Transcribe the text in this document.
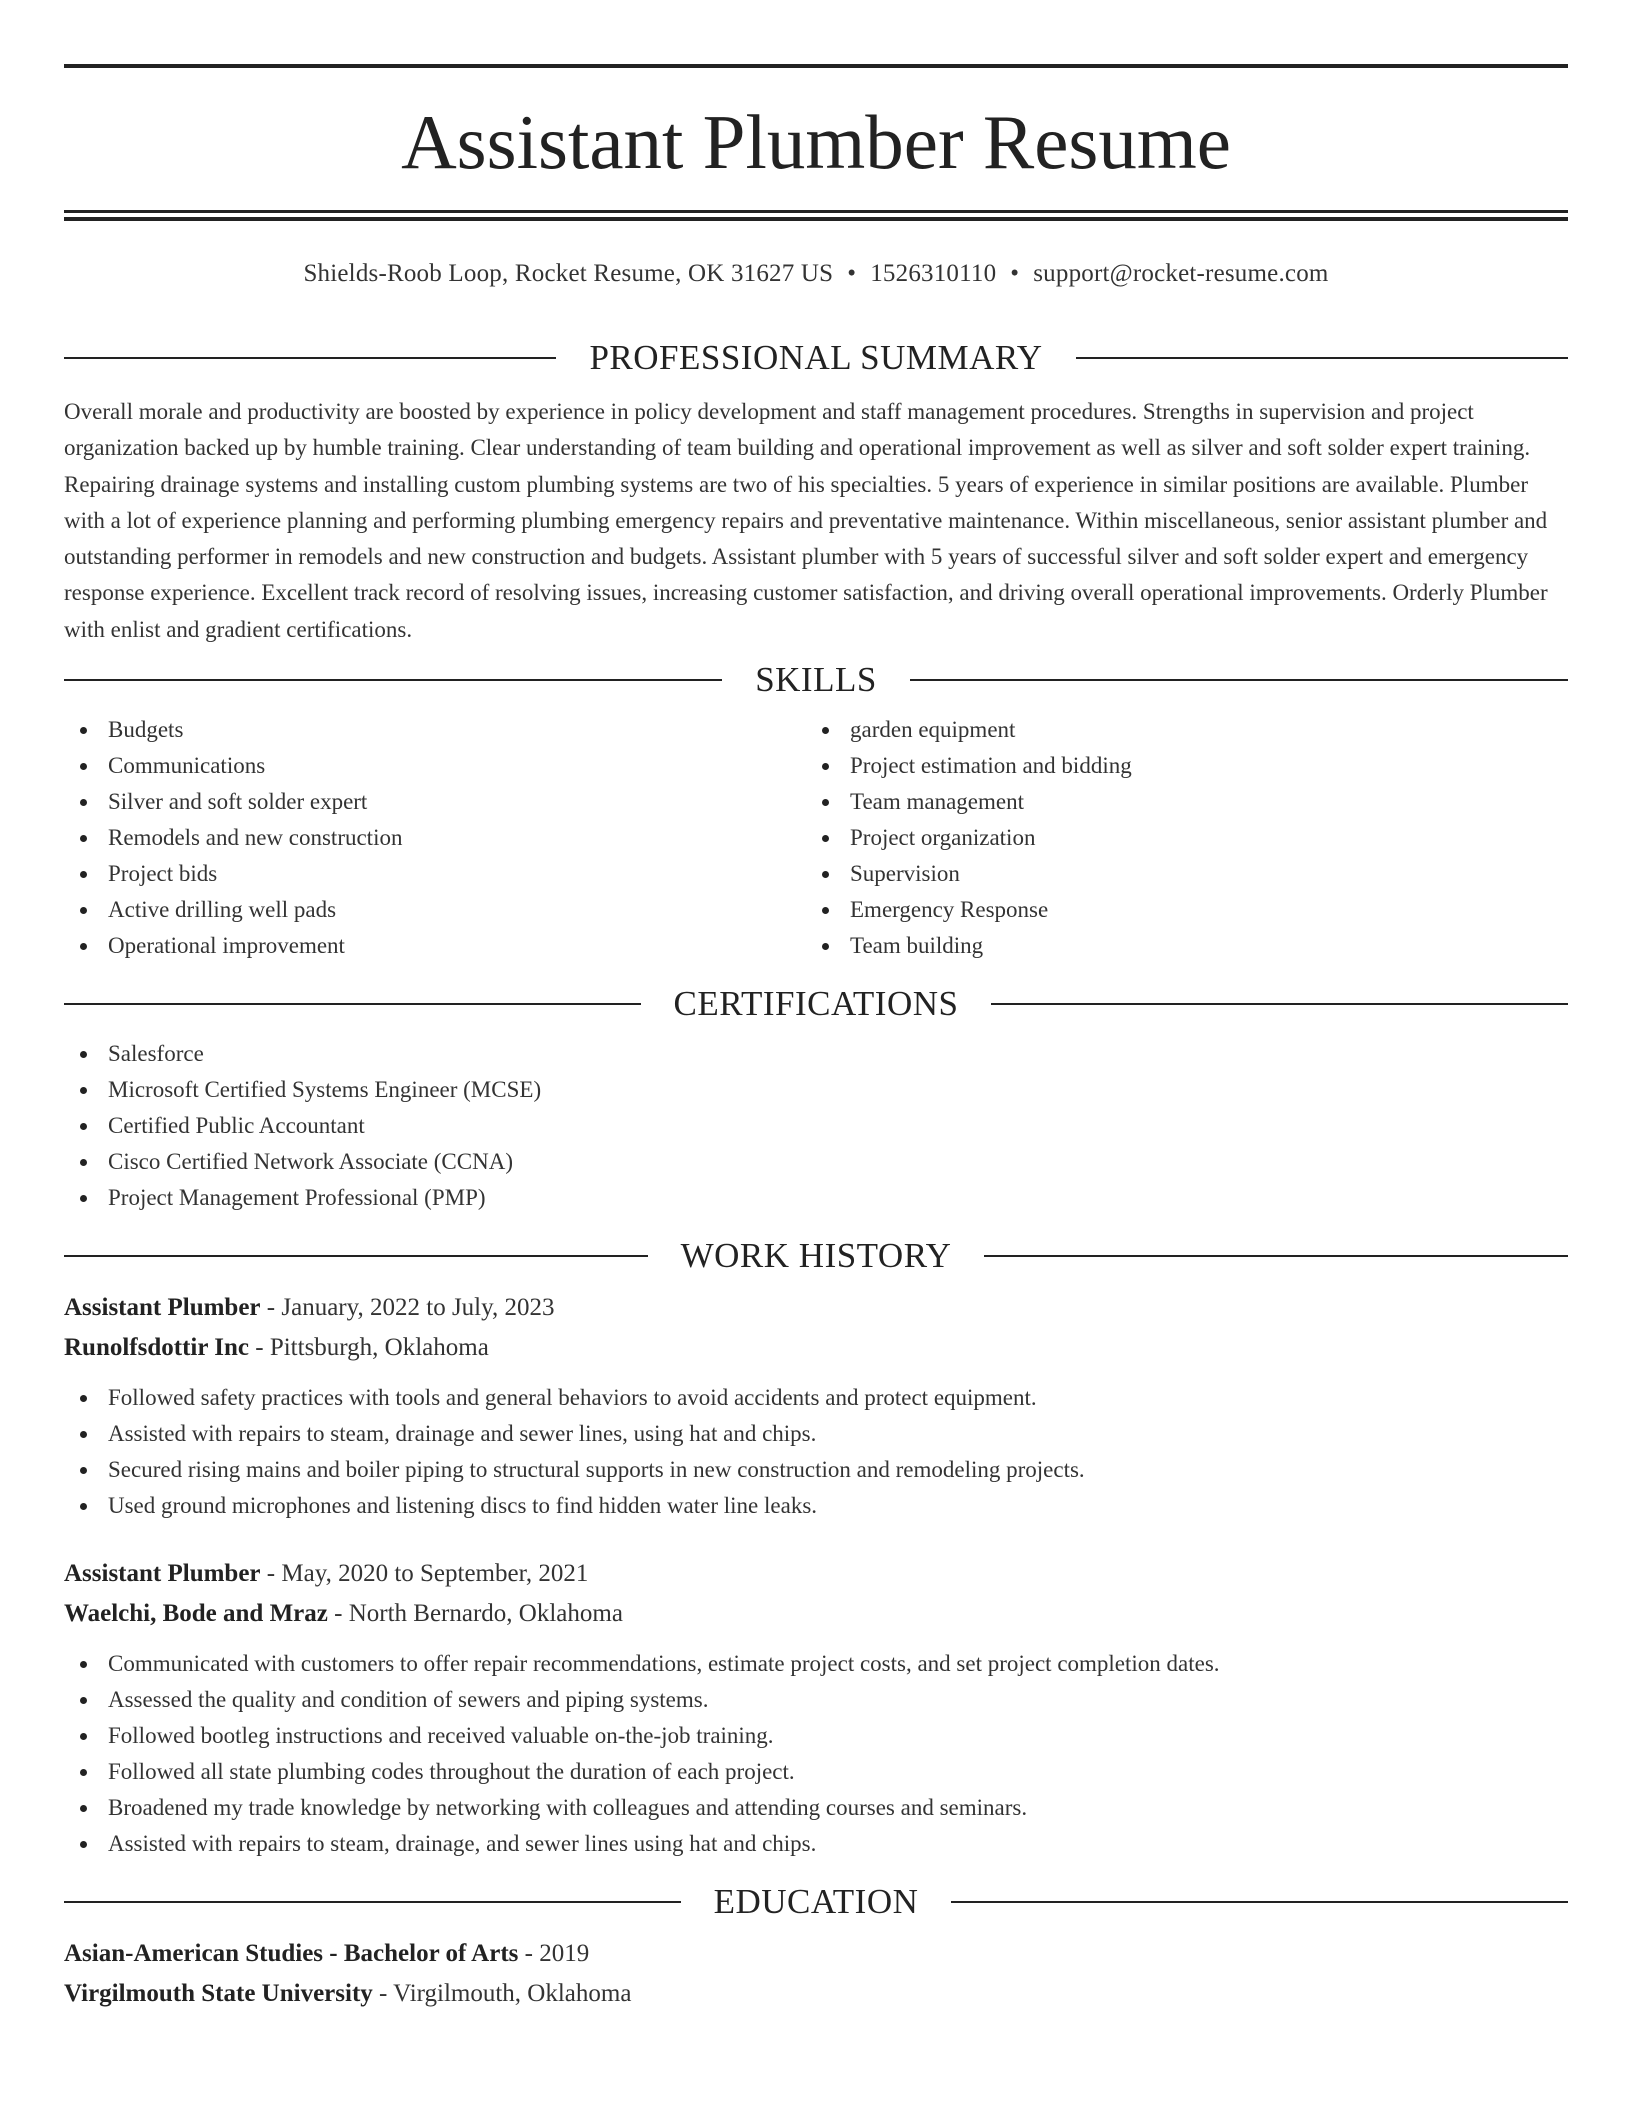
Assistant Plumber Resume
Shields-Roob Loop, Rocket Resume, OK 31627 US • 1526310110 • support@rocket-resume.com
PROFESSIONAL SUMMARY

Overall morale and productivity are boosted by experience in policy development and staff management procedures. Strengths in supervision and project organization backed up by humble training. Clear understanding of team building and operational improvement as well as silver and soft solder expert training. Repairing drainage systems and installing custom plumbing systems are two of his specialties. 5 years of experience in similar positions are available. Plumber with a lot of experience planning and performing plumbing emergency repairs and preventative maintenance. Within miscellaneous, senior assistant plumber and outstanding performer in remodels and new construction and budgets. Assistant plumber with 5 years of successful silver and soft solder expert and emergency response experience. Excellent track record of resolving issues, increasing customer satisfaction, and driving overall operational improvements. Orderly Plumber with enlist and gradient certifications.

SKILLS
Budgets
Communications
Silver and soft solder expert
Remodels and new construction
Project bids
Active drilling well pads
Operational improvement
garden equipment
Project estimation and bidding
Team management
Project organization
Supervision
Emergency Response
Team building
CERTIFICATIONS
Salesforce
Microsoft Certified Systems Engineer (MCSE)
Certified Public Accountant
Cisco Certified Network Associate (CCNA)
Project Management Professional (PMP)
WORK HISTORY
Assistant Plumber - January, 2022 to July, 2023
Runolfsdottir Inc - Pittsburgh, Oklahoma
Followed safety practices with tools and general behaviors to avoid accidents and protect equipment.
Assisted with repairs to steam, drainage and sewer lines, using hat and chips.
Secured rising mains and boiler piping to structural supports in new construction and remodeling projects.
Used ground microphones and listening discs to find hidden water line leaks.
Assistant Plumber - May, 2020 to September, 2021
Waelchi, Bode and Mraz - North Bernardo, Oklahoma
Communicated with customers to offer repair recommendations, estimate project costs, and set project completion dates.
Assessed the quality and condition of sewers and piping systems.
Followed bootleg instructions and received valuable on-the-job training.
Followed all state plumbing codes throughout the duration of each project.
Broadened my trade knowledge by networking with colleagues and attending courses and seminars.
Assisted with repairs to steam, drainage, and sewer lines using hat and chips.
EDUCATION
Asian-American Studies - Bachelor of Arts - 2019
Virgilmouth State University - Virgilmouth, Oklahoma
